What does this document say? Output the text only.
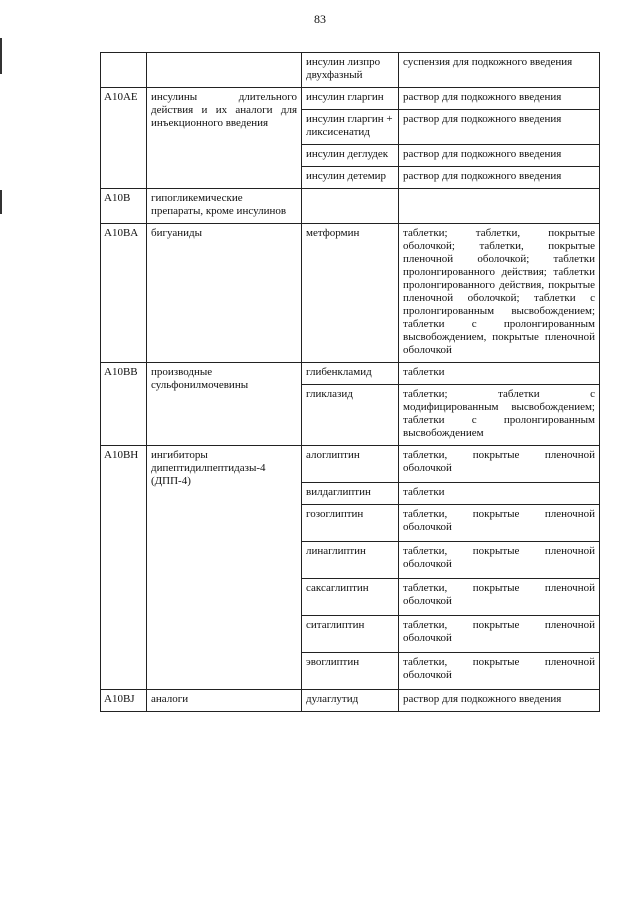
83
		инсулин лизпро двухфазный	суспензия для подкожного введения
A10AE	инсулины длительного действия и их аналоги для инъекционного введения	инсулин гларгин	раствор для подкожного введения
		инсулин гларгин + ликсисенатид	раствор для подкожного введения
		инсулин деглудек	раствор для подкожного введения
		инсулин детемир	раствор для подкожного введения
A10B	гипогликемические препараты, кроме инсулинов		
A10BA	бигуаниды	метформин	таблетки; таблетки, покрытые оболочкой; таблетки, покрытые пленочной оболочкой; таблетки пролонгированного действия; таблетки пролонгированного действия, покрытые пленочной оболочкой; таблетки с пролонгированным высвобождением; таблетки с пролонгированным высвобождением, покрытые пленочной оболочкой
A10BB	производные сульфонилмочевины	глибенкламид	таблетки
		гликлазид	таблетки; таблетки с модифицированным высвобождением; таблетки с пролонгированным высвобождением
A10BH	ингибиторы дипептидилпептидазы-4 (ДПП-4)	алоглиптин	таблетки, покрытые пленочной оболочкой
		вилдаглиптин	таблетки
		гозоглиптин	таблетки, покрытые пленочной оболочкой
		линаглиптин	таблетки, покрытые пленочной оболочкой
		саксаглиптин	таблетки, покрытые пленочной оболочкой
		ситаглиптин	таблетки, покрытые пленочной оболочкой
		эвоглиптин	таблетки, покрытые пленочной оболочкой
A10BJ	аналоги	дулаглутид	раствор для подкожного введения
